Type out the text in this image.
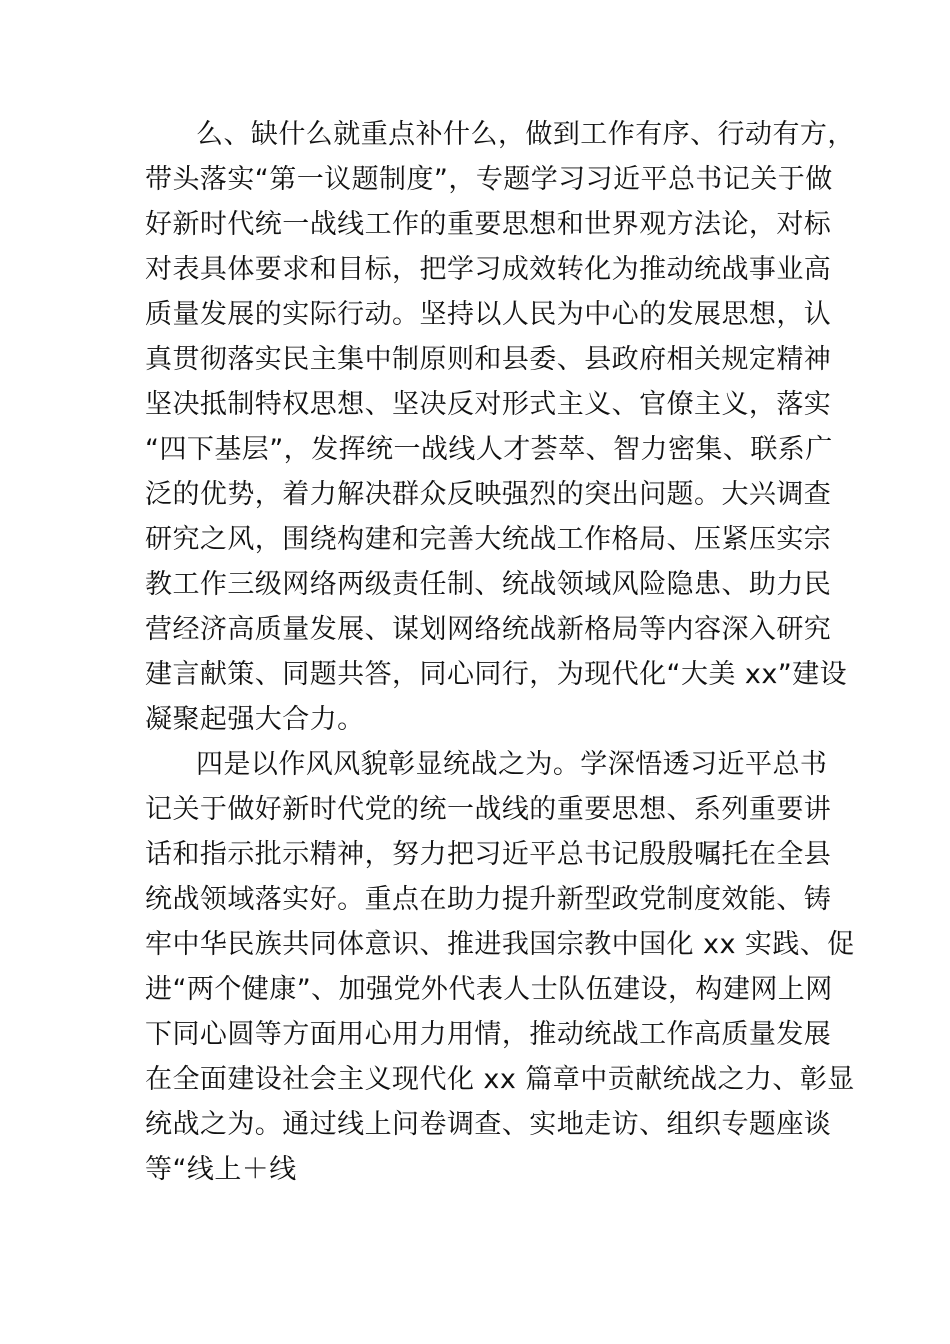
么、缺什么就重点补什么，做到工作有序、行动有方，
带头落实“第一议题制度”，专题学习习近平总书记关于做
好新时代统一战线工作的重要思想和世界观方法论，对标
对表具体要求和目标，把学习成效转化为推动统战事业高
质量发展的实际行动。坚持以人民为中心的发展思想，认
真贯彻落实民主集中制原则和县委、县政府相关规定精神
坚决抵制特权思想、坚决反对形式主义、官僚主义，落实
“四下基层”，发挥统一战线人才荟萃、智力密集、联系广
泛的优势，着力解决群众反映强烈的突出问题。大兴调查
研究之风，围绕构建和完善大统战工作格局、压紧压实宗
教工作三级网络两级责任制、统战领域风险隐患、助力民
营经济高质量发展、谋划网络统战新格局等内容深入研究
建言献策、同题共答，同心同行，为现代化“大美 xx”建设
凝聚起强大合力。
四是以作风风貌彰显统战之为。学深悟透习近平总书
记关于做好新时代党的统一战线的重要思想、系列重要讲
话和指示批示精神，努力把习近平总书记殷殷嘱托在全县
统战领域落实好。重点在助力提升新型政党制度效能、铸
牢中华民族共同体意识、推进我国宗教中国化 xx 实践、促
进“两个健康”、加强党外代表人士队伍建设，构建网上网
下同心圆等方面用心用力用情，推动统战工作高质量发展
在全面建设社会主义现代化 xx 篇章中贡献统战之力、彰显
统战之为。通过线上问卷调查、实地走访、组织专题座谈
等“线上＋线
